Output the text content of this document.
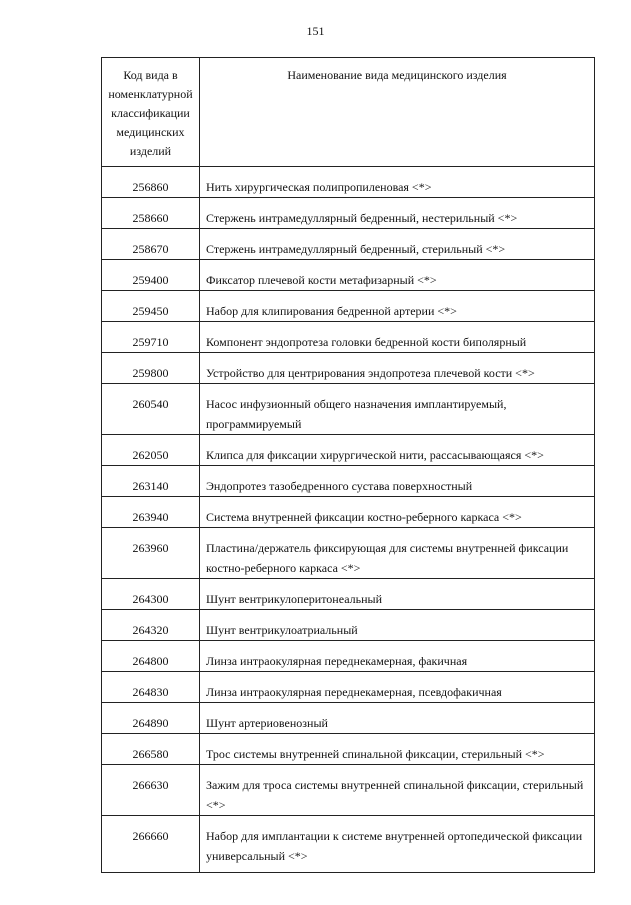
151
Код вида в номенклатурной классификации медицинских изделий	Наименование вида медицинского изделия
256860	Нить хирургическая полипропиленовая <*>
258660	Стержень интрамедуллярный бедренный, нестерильный <*>
258670	Стержень интрамедуллярный бедренный, стерильный <*>
259400	Фиксатор плечевой кости метафизарный <*>
259450	Набор для клипирования бедренной артерии <*>
259710	Компонент эндопротеза головки бедренной кости биполярный
259800	Устройство для центрирования эндопротеза плечевой кости <*>
260540	Насос инфузионный общего назначения имплантируемый, программируемый
262050	Клипса для фиксации хирургической нити, рассасывающаяся <*>
263140	Эндопротез тазобедренного сустава поверхностный
263940	Система внутренней фиксации костно-реберного каркаса <*>
263960	Пластина/держатель фиксирующая для системы внутренней фиксации костно-реберного каркаса <*>
264300	Шунт вентрикулоперитонеальный
264320	Шунт вентрикулоатриальный
264800	Линза интраокулярная переднекамерная, факичная
264830	Линза интраокулярная переднекамерная, псевдофакичная
264890	Шунт артериовенозный
266580	Трос системы внутренней спинальной фиксации, стерильный <*>
266630	Зажим для троса системы внутренней спинальной фиксации, стерильный <*>
266660	Набор для имплантации к системе внутренней ортопедической фиксации универсальный <*>
